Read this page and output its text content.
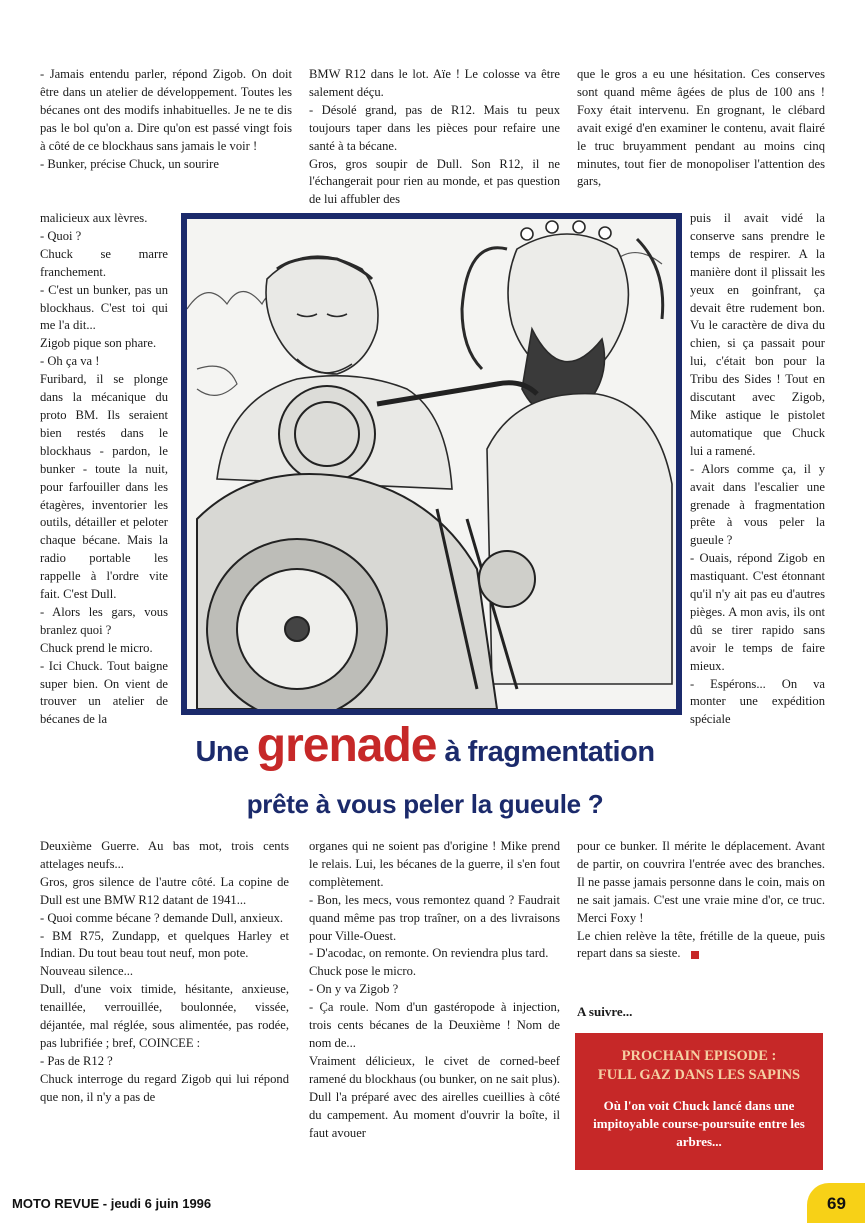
- Jamais entendu parler, répond Zigob. On doit être dans un atelier de développement. Toutes les bécanes ont des modifs inhabituelles. Je ne te dis pas le bol qu'on a. Dire qu'on est passé vingt fois à côté de ce blockhaus sans jamais le voir !

- Bunker, précise Chuck, un sourire

malicieux aux lèvres.

- Quoi ?

Chuck se marre franchement.

- C'est un bunker, pas un blockhaus. C'est toi qui me l'a dit...

Zigob pique son phare.

- Oh ça va !

Furibard, il se plonge dans la mécanique du proto BM. Ils seraient bien restés dans le blockhaus - pardon, le bunker - toute la nuit, pour farfouiller dans les étagères, inventorier les outils, détailler et peloter chaque bécane. Mais la radio portable les rappelle à l'ordre vite fait. C'est Dull.

- Alors les gars, vous branlez quoi ?

Chuck prend le micro.

- Ici Chuck. Tout baigne super bien. On vient de trouver un atelier de bécanes de la

Deuxième Guerre. Au bas mot, trois cents attelages neufs...

Gros, gros silence de l'autre côté. La copine de Dull est une BMW R12 datant de 1941...

- Quoi comme bécane ? demande Dull, anxieux.

- BM R75, Zundapp, et quelques Harley et Indian. Du tout beau tout neuf, mon pote.

Nouveau silence...

Dull, d'une voix timide, hésitante, anxieuse, tenaillée, verrouillée, boulonnée, vissée, déjantée, mal réglée, sous alimentée, pas rodée, pas lubrifiée ; bref, COINCEE :

- Pas de R12 ?

Chuck interroge du regard Zigob qui lui répond que non, il n'y a pas de

BMW R12 dans le lot. Aïe ! Le colosse va être salement déçu.

- Désolé grand, pas de R12. Mais tu peux toujours taper dans les pièces pour refaire une santé à ta bécane.

Gros, gros soupir de Dull. Son R12, il ne l'échangerait pour rien au monde, et pas question de lui affubler des

organes qui ne soient pas d'origine ! Mike prend le relais. Lui, les bécanes de la guerre, il s'en fout complètement.

- Bon, les mecs, vous remontez quand ? Faudrait quand même pas trop traîner, on a des livraisons pour Ville-Ouest.

- D'acodac, on remonte. On reviendra plus tard.

Chuck pose le micro.

- On y va Zigob ?

- Ça roule. Nom d'un gastéropode à injection, trois cents bécanes de la Deuxième ! Nom de nom de...

Vraiment délicieux, le civet de corned-beef ramené du blockhaus (ou bunker, on ne sait plus). Dull l'a préparé avec des airelles cueillies à côté du campement. Au moment d'ouvrir la boîte, il faut avouer

que le gros a eu une hésitation. Ces conserves sont quand même âgées de plus de 100 ans ! Foxy était intervenu. En grognant, le clébard avait exigé d'en examiner le contenu, avait flairé le truc bruyamment pendant au moins cinq minutes, tout fier de monopoliser l'attention des gars,

puis il avait vidé la conserve sans prendre le temps de respirer. A la manière dont il plissait les yeux en goinfrant, ça devait être rudement bon. Vu le caractère de diva du chien, si ça passait pour lui, c'était bon pour la Tribu des Sides ! Tout en discutant avec Zigob, Mike astique le pistolet automatique que Chuck lui a ramené.

- Alors comme ça, il y avait dans l'escalier une grenade à fragmentation prête à vous peler la gueule ?

- Ouais, répond Zigob en mastiquant. C'est étonnant qu'il n'y ait pas eu d'autres pièges. A mon avis, ils ont dû se tirer rapido sans avoir le temps de faire mieux.

- Espérons... On va monter une expédition spéciale

pour ce bunker. Il mérite le déplacement. Avant de partir, on couvrira l'entrée avec des branches. Il ne passe jamais personne dans le coin, mais on ne sait jamais. C'est une vraie mine d'or, ce truc. Merci Foxy !

Le chien relève la tête, frétille de la queue, puis repart dans sa sieste.

Une grenade à fragmentation
prête à vous peler la gueule ?
A suivre...
PROCHAIN EPISODE :
FULL GAZ DANS LES SAPINS
Où l'on voit Chuck lancé dans une impitoyable course-poursuite entre les arbres...
MOTO REVUE - jeudi 6 juin 1996	69
